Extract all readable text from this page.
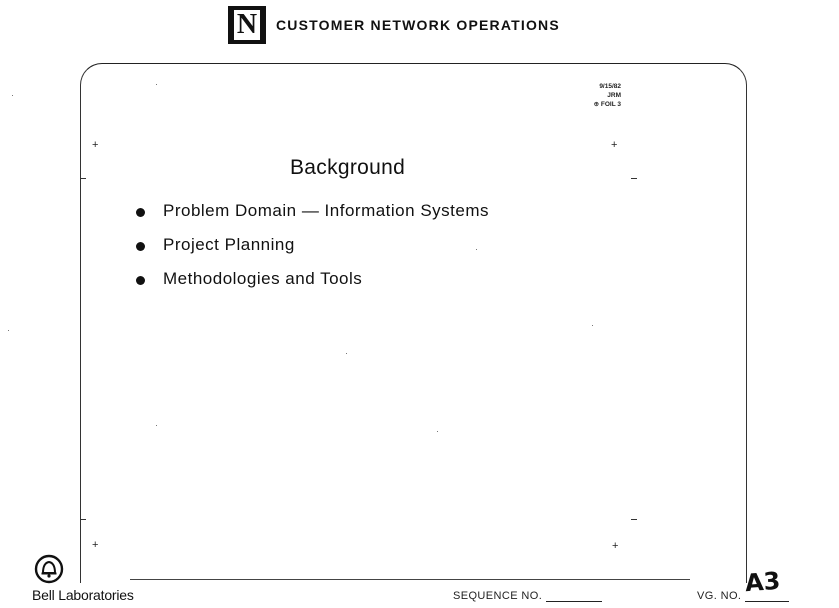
N CUSTOMER NETWORK OPERATIONS
+	+
+	+
9/15/82
JRM
⊕ FOIL 3
Background
Problem Domain — Information Systems
Project Planning
Methodologies and Tools
Bell Laboratories	SEQUENCE NO.	VG. NO. A3
